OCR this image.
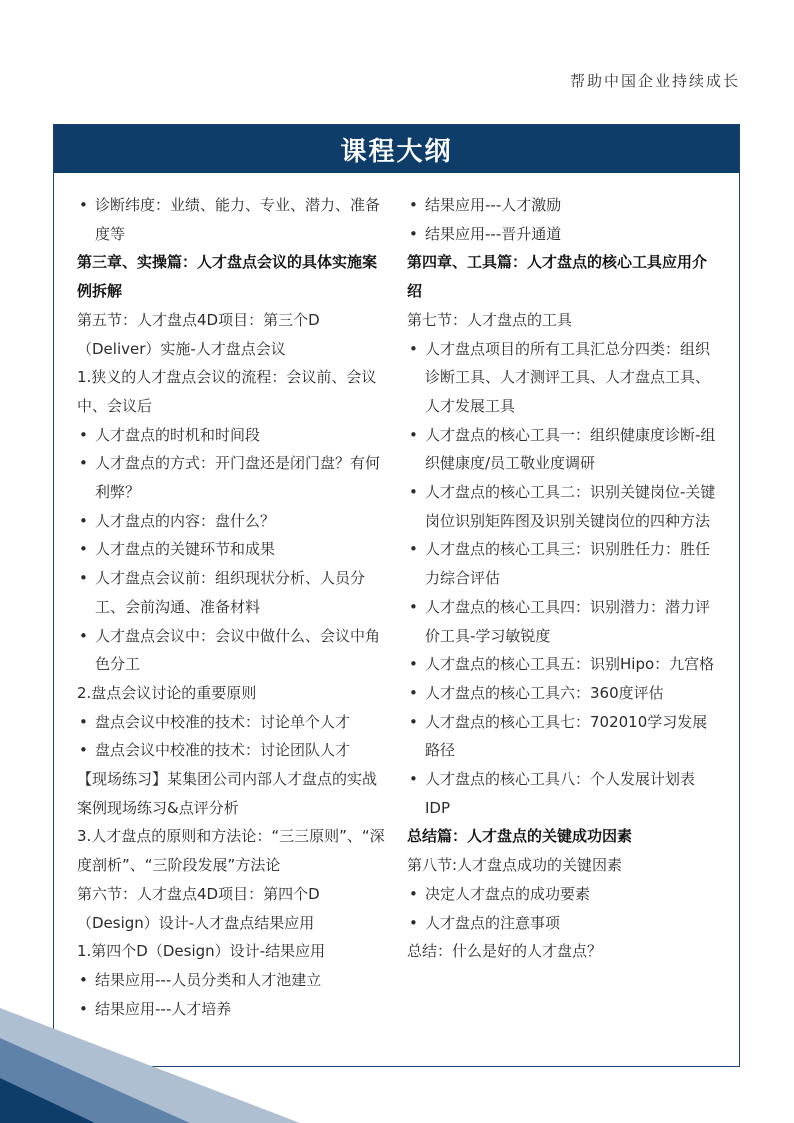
帮助中国企业持续成长
课程大纲
• 诊断纬度：业绩、能力、专业、潜力、准备度等
第三章、实操篇：人才盘点会议的具体实施案例拆解
第五节：人才盘点4D项目：第三个D（Deliver）实施-人才盘点会议
1.狭义的人才盘点会议的流程：会议前、会议中、会议后
• 人才盘点的时机和时间段
• 人才盘点的方式：开门盘还是闭门盘？有何利弊？
• 人才盘点的内容：盘什么？
• 人才盘点的关键环节和成果
• 人才盘点会议前：组织现状分析、人员分工、会前沟通、准备材料
• 人才盘点会议中：会议中做什么、会议中角色分工
2.盘点会议讨论的重要原则
• 盘点会议中校准的技术：讨论单个人才
• 盘点会议中校准的技术：讨论团队人才
【现场练习】某集团公司内部人才盘点的实战案例现场练习&点评分析
3.人才盘点的原则和方法论：“三三原则”、“深度剖析”、“三阶段发展”方法论
第六节：人才盘点4D项目：第四个D（Design）设计-人才盘点结果应用
1.第四个D（Design）设计-结果应用
• 结果应用---人员分类和人才池建立
• 结果应用---人才培养
• 结果应用---人才激励
• 结果应用---晋升通道
第四章、工具篇：人才盘点的核心工具应用介绍
第七节：人才盘点的工具
• 人才盘点项目的所有工具汇总分四类：组织诊断工具、人才测评工具、人才盘点工具、人才发展工具
• 人才盘点的核心工具一：组织健康度诊断-组织健康度/员工敬业度调研
• 人才盘点的核心工具二：识别关键岗位-关键岗位识别矩阵图及识别关键岗位的四种方法
• 人才盘点的核心工具三：识别胜任力：胜任力综合评估
• 人才盘点的核心工具四：识别潜力：潜力评价工具-学习敏锐度
• 人才盘点的核心工具五：识别Hipo：九宫格
• 人才盘点的核心工具六：360度评估
• 人才盘点的核心工具七：702010学习发展路径
• 人才盘点的核心工具八：个人发展计划表IDP
总结篇：人才盘点的关键成功因素
第八节:人才盘点成功的关键因素
• 决定人才盘点的成功要素
• 人才盘点的注意事项
总结：什么是好的人才盘点？
